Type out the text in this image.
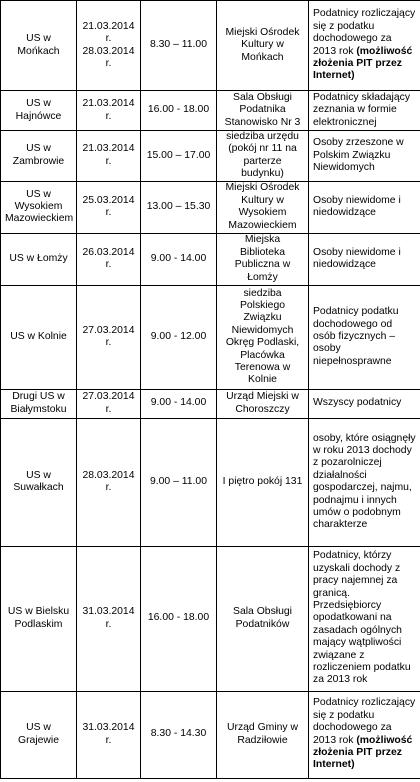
US w Mońkach	21.03.2014 r. 28.03.2014 r.	8.30 – 11.00	Miejski Ośrodek Kultury w Mońkach	Podatnicy rozliczający się z podatku dochodowego za 2013 rok (możliwość złożenia PIT przez Internet)
US w Hajnówce	21.03.2014 r.	16.00 - 18.00	Sala Obsługi Podatnika Stanowisko Nr 3	Podatnicy składający zeznania w formie elektronicznej
US w Zambrowie	21.03.2014 r.	15.00 – 17.00	siedziba urzędu (pokój nr 11 na parterze budynku)	Osoby zrzeszone w Polskim Związku Niewidomych
US w Wysokiem Mazowieckiem	25.03.2014 r.	13.00 – 15.30	Miejski Ośrodek Kultury w Wysokiem Mazowieckiem	Osoby niewidome i niedowidzące
US w Łomży	26.03.2014 r.	9.00 - 14.00	Miejska Biblioteka Publiczna w Łomży	Osoby niewidome i niedowidzące
US w Kolnie	27.03.2014 r.	9.00 - 12.00	siedziba Polskiego Związku Niewidomych Okręg Podlaski, Placówka Terenowa w Kolnie	Podatnicy podatku dochodowego od osób fizycznych – osoby niepełnosprawne
Drugi US w Białymstoku	27.03.2014 r.	9.00 - 14.00	Urząd Miejski w Choroszczy	Wszyscy podatnicy
US w Suwałkach	28.03.2014 r.	9.00 – 11.00	I piętro pokój 131	osoby, które osiągnęły w roku 2013 dochody z pozarolniczej działalności gospodarczej, najmu, podnajmu i innych umów o podobnym charakterze
US w Bielsku Podlaskim	31.03.2014 r.	16.00 - 18.00	Sala Obsługi Podatników	Podatnicy, którzy uzyskali dochody z pracy najemnej za granicą. Przedsiębiorcy opodatkowani na zasadach ogólnych mający wątpliwości związane z rozliczeniem podatku za 2013 rok
US w Grajewie	31.03.2014 r.	8.30 - 14.30	Urząd Gminy w Radziłowie	Podatnicy rozliczający się z podatku dochodowego za 2013 rok (możliwość złożenia PIT przez Internet)
